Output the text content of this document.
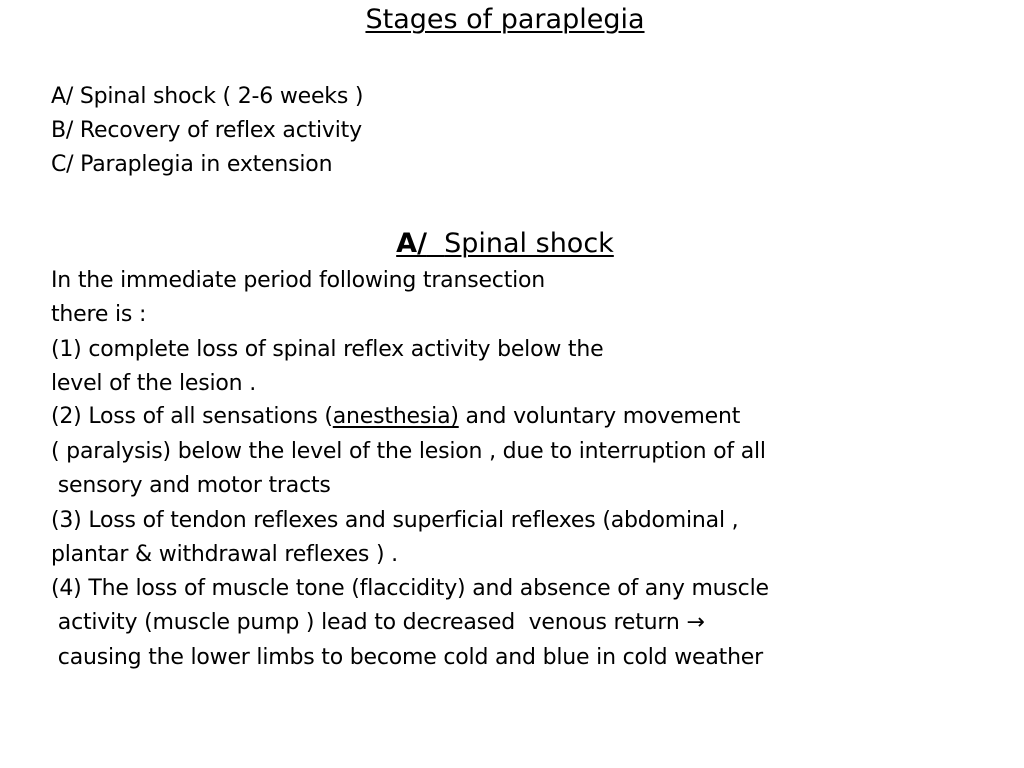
Stages of paraplegia
A/ Spinal shock ( 2-6 weeks )
B/ Recovery of reflex activity
C/ Paraplegia in extension
A/ Spinal shock
In the immediate period following transection
there is :
(1) complete loss of spinal reflex activity below the
level of the lesion .
(2) Loss of all sensations (anesthesia) and voluntary movement
( paralysis) below the level of the lesion , due to interruption of all
sensory and motor tracts
(3) Loss of tendon reflexes and superficial reflexes (abdominal ,
plantar & withdrawal reflexes ) .
(4) The loss of muscle tone (flaccidity) and absence of any muscle
activity (muscle pump ) lead to decreased  venous return →
causing the lower limbs to become cold and blue in cold weather
